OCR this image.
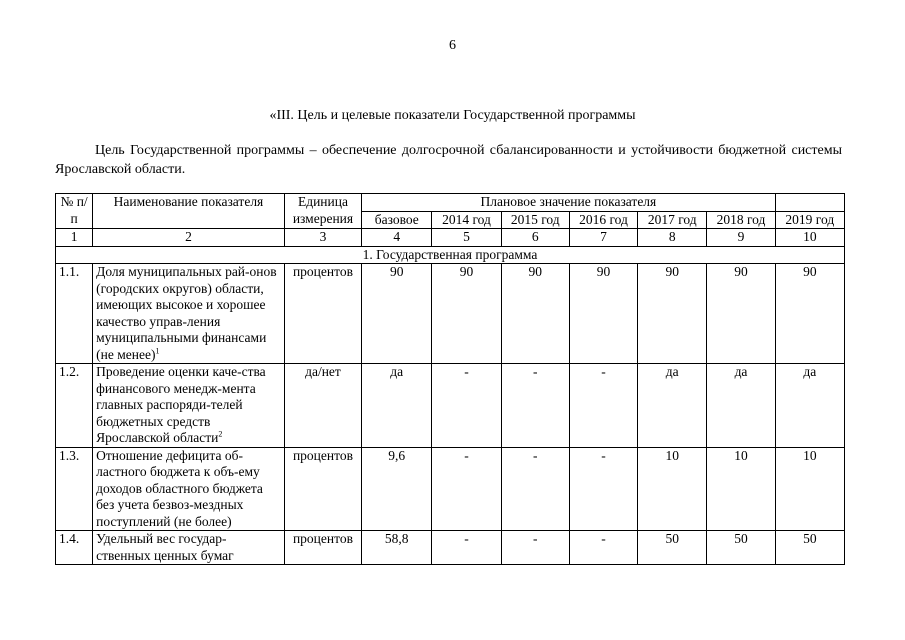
6
«III. Цель и целевые показатели Государственной программы
Цель Государственной программы – обеспечение долгосрочной сбалансированности и устойчивости бюджетной системы Ярославской области.
№ п/п	Наименование показателя	Единица измерения	Плановое значение показателя						
			базовое	2014 год	2015 год	2016 год	2017 год	2018 год	2019 год
1	2	3	4	5	6	7	8	9	10
1. Государственная программа									
1.1.	Доля муниципальных рай-онов (городских округов) области, имеющих высокое и хорошее качество управ-ления муниципальными финансами (не менее)$^1$	процентов	90	90	90	90	90	90	90
1.2.	Проведение оценки каче-ства финансового менедж-мента главных распоряди-телей бюджетных средств Ярославской области$^2$	да/нет	да	-	-	-	да	да	да
1.3.	Отношение дефицита об-ластного бюджета к объ-ему доходов областного бюджета без учета безвоз-мездных поступлений (не более)	процентов	9,6	-	-	-	10	10	10
1.4.	Удельный вес государ-ственных ценных бумаг	процентов	58,8	-	-	-	50	50	50
